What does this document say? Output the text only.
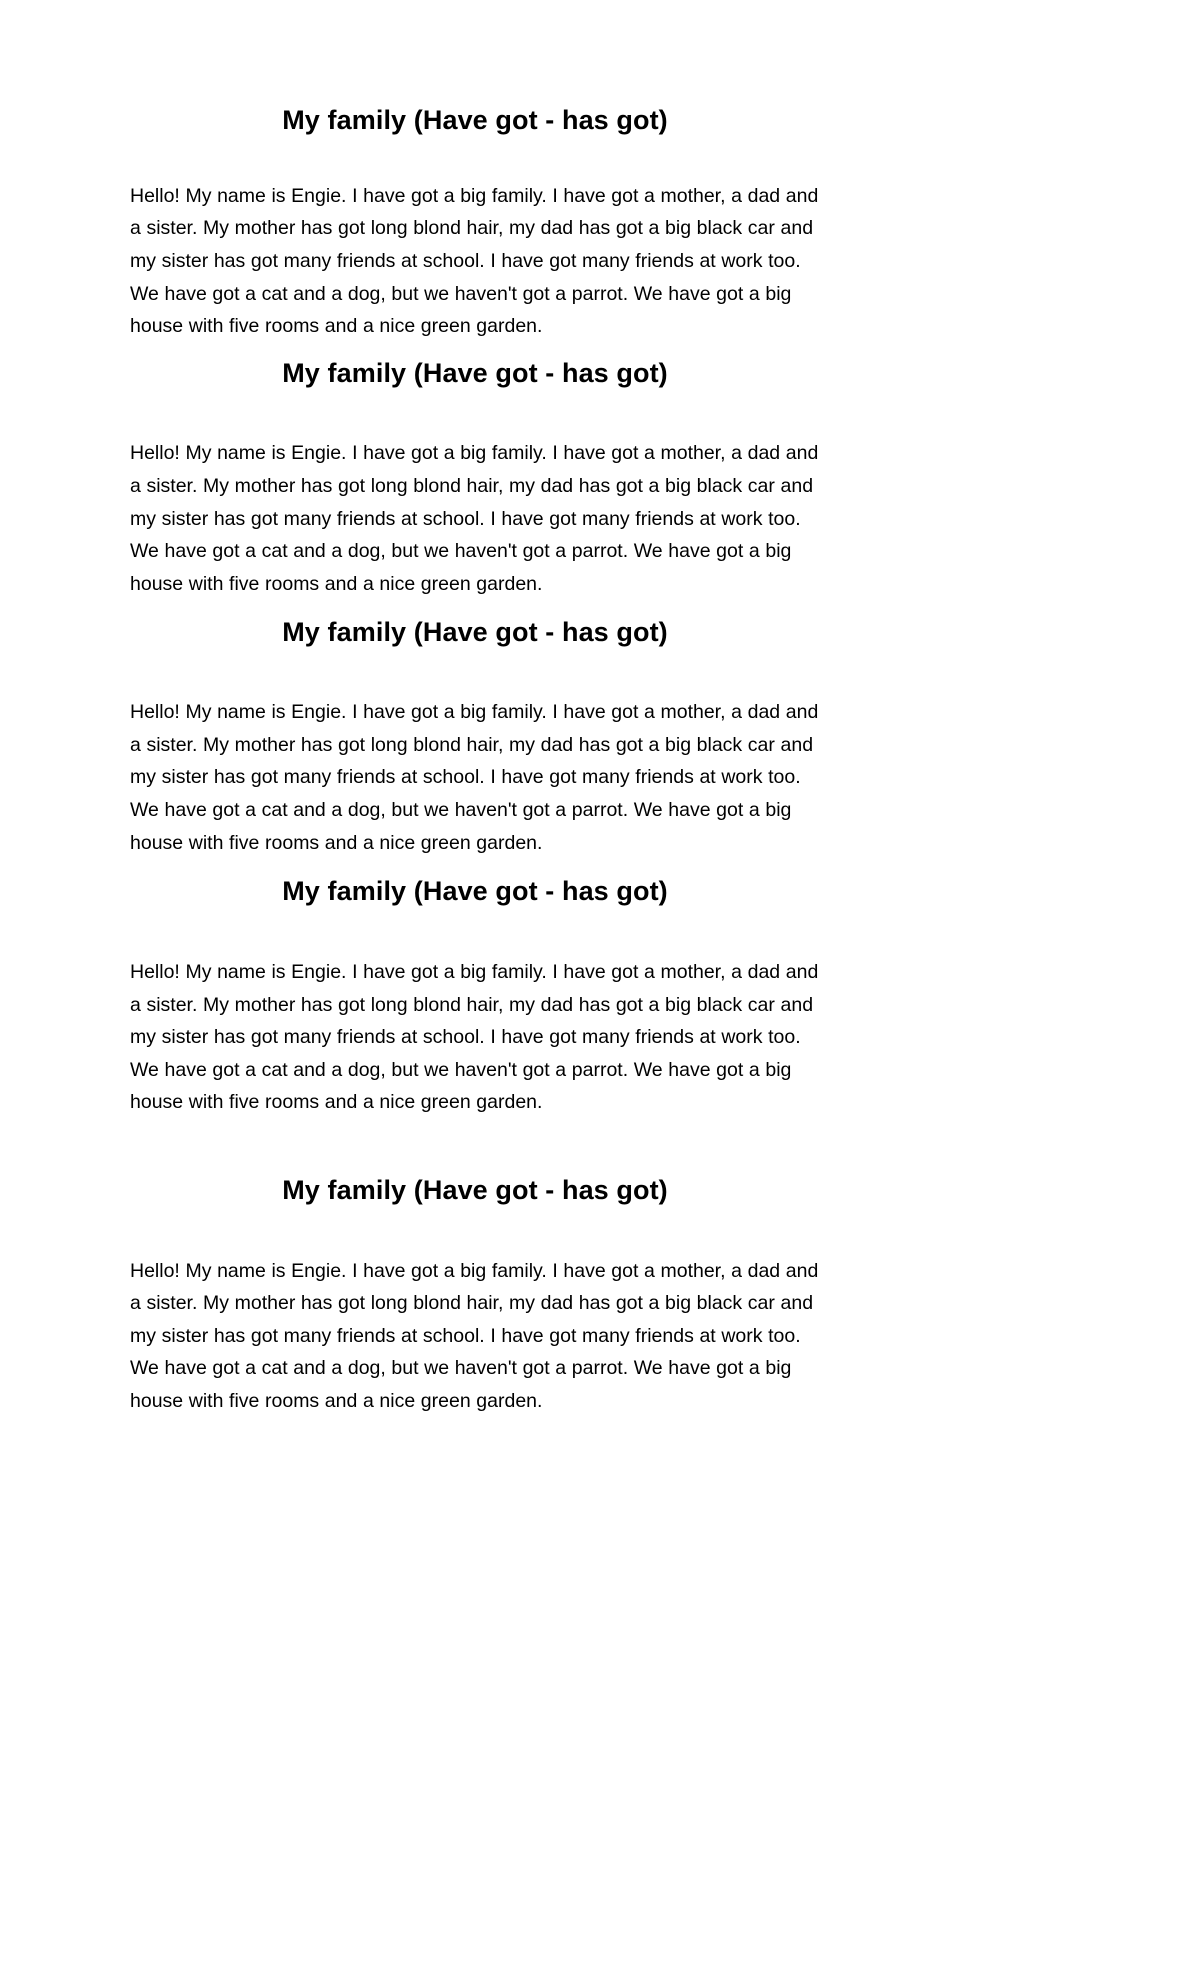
My family (Have got - has got)

Hello! My name is Engie. I have got a big family. I have got a mother, a dad and a sister. My mother has got long blond hair, my dad has got a big black car and my sister has got many friends at school. I have got many friends at work too. We have got a cat and a dog, but we haven't got a parrot. We have got a big house with five rooms and a nice green garden.

My family (Have got - has got)

Hello! My name is Engie. I have got a big family. I have got a mother, a dad and a sister. My mother has got long blond hair, my dad has got a big black car and my sister has got many friends at school. I have got many friends at work too. We have got a cat and a dog, but we haven't got a parrot. We have got a big house with five rooms and a nice green garden.

My family (Have got - has got)

Hello! My name is Engie. I have got a big family. I have got a mother, a dad and a sister. My mother has got long blond hair, my dad has got a big black car and my sister has got many friends at school. I have got many friends at work too. We have got a cat and a dog, but we haven't got a parrot. We have got a big house with five rooms and a nice green garden.

My family (Have got - has got)

Hello! My name is Engie. I have got a big family. I have got a mother, a dad and a sister. My mother has got long blond hair, my dad has got a big black car and my sister has got many friends at school. I have got many friends at work too. We have got a cat and a dog, but we haven't got a parrot. We have got a big house with five rooms and a nice green garden.

My family (Have got - has got)

Hello! My name is Engie. I have got a big family. I have got a mother, a dad and a sister. My mother has got long blond hair, my dad has got a big black car and my sister has got many friends at school. I have got many friends at work too. We have got a cat and a dog, but we haven't got a parrot. We have got a big house with five rooms and a nice green garden.
